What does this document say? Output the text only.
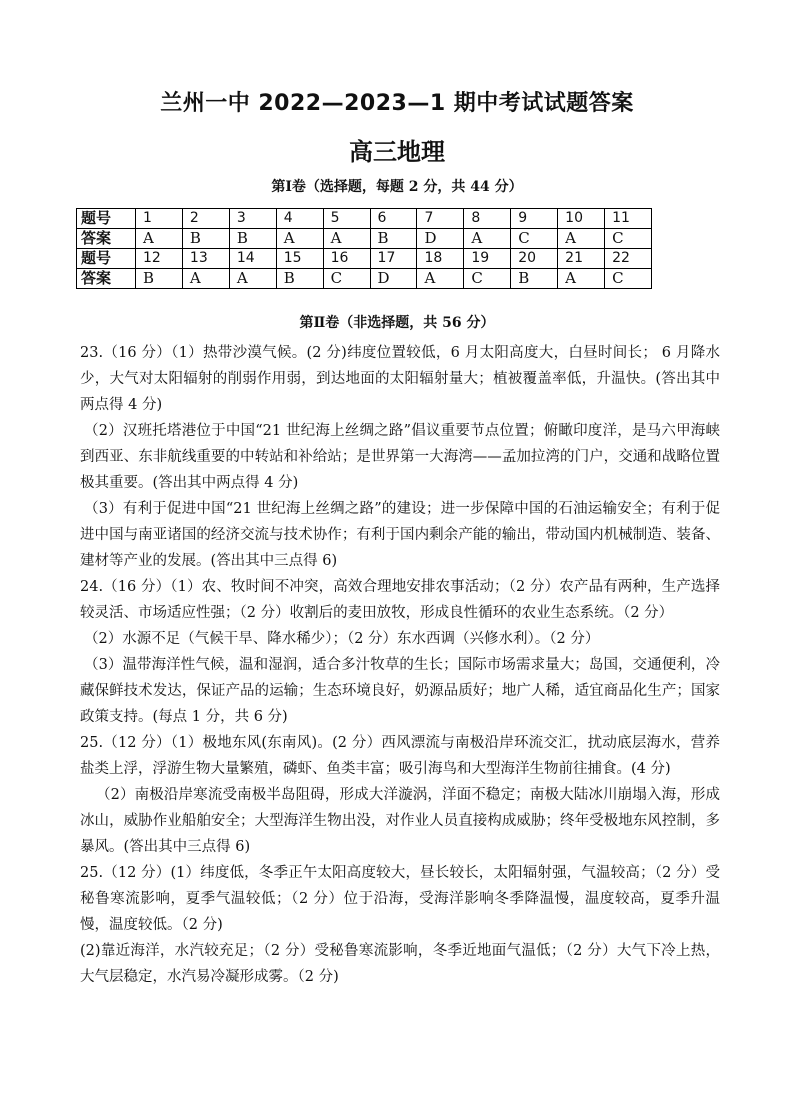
兰州一中 2022—2023—1 期中考试试题答案
高三地理
第Ⅰ卷（选择题，每题 2 分，共 44 分）
题号	1	2	3	4	5	6	7	8	9	10	11
答案	A	B	B	A	A	B	D	A	C	A	C
题号	12	13	14	15	16	17	18	19	20	21	22
答案	B	A	A	B	C	D	A	C	B	A	C
第Ⅱ卷（非选择题，共 56 分）

23.（16 分）（1）热带沙漠气候。(2 分)纬度位置较低，6 月太阳高度大，白昼时间长； 6 月降水少，大气对太阳辐射的削弱作用弱，到达地面的太阳辐射量大；植被覆盖率低，升温快。(答出其中两点得 4 分)

（2）汉班托塔港位于中国“21 世纪海上丝绸之路”倡议重要节点位置；俯瞰印度洋，是马六甲海峡到西亚、东非航线重要的中转站和补给站；是世界第一大海湾——孟加拉湾的门户，交通和战略位置极其重要。(答出其中两点得 4 分)

（3）有利于促进中国“21 世纪海上丝绸之路”的建设；进一步保障中国的石油运输安全；有利于促进中国与南亚诸国的经济交流与技术协作；有利于国内剩余产能的输出，带动国内机械制造、装备、建材等产业的发展。(答出其中三点得 6)

24.（16 分）（1）农、牧时间不冲突，高效合理地安排农事活动；（2 分）农产品有两种，生产选择较灵活、市场适应性强；（2 分）收割后的麦田放牧，形成良性循环的农业生态系统。（2 分）

（2）水源不足（气候干旱、降水稀少）；（2 分）东水西调（兴修水利）。（2 分）

（3）温带海洋性气候，温和湿润，适合多汁牧草的生长；国际市场需求量大；岛国，交通便利，冷藏保鲜技术发达，保证产品的运输；生态环境良好，奶源品质好；地广人稀，适宜商品化生产；国家政策支持。(每点 1 分，共 6 分)

25.（12 分）（1）极地东风(东南风)。(2 分）西风漂流与南极沿岸环流交汇，扰动底层海水，营养盐类上浮，浮游生物大量繁殖，磷虾、鱼类丰富；吸引海鸟和大型海洋生物前往捕食。(4 分)

（2）南极沿岸寒流受南极半岛阻碍，形成大洋漩涡，洋面不稳定；南极大陆冰川崩塌入海，形成冰山，威胁作业船舶安全；大型海洋生物出没，对作业人员直接构成威胁；终年受极地东风控制，多暴风。(答出其中三点得 6)

25.（12 分）(1）纬度低，冬季正午太阳高度较大，昼长较长，太阳辐射强，气温较高；（2 分）受秘鲁寒流影响，夏季气温较低；（2 分）位于沿海，受海洋影响冬季降温慢，温度较高，夏季升温慢，温度较低。（2 分)

(2)靠近海洋，水汽较充足；（2 分）受秘鲁寒流影响，冬季近地面气温低；（2 分）大气下冷上热，大气层稳定，水汽易冷凝形成雾。（2 分)
